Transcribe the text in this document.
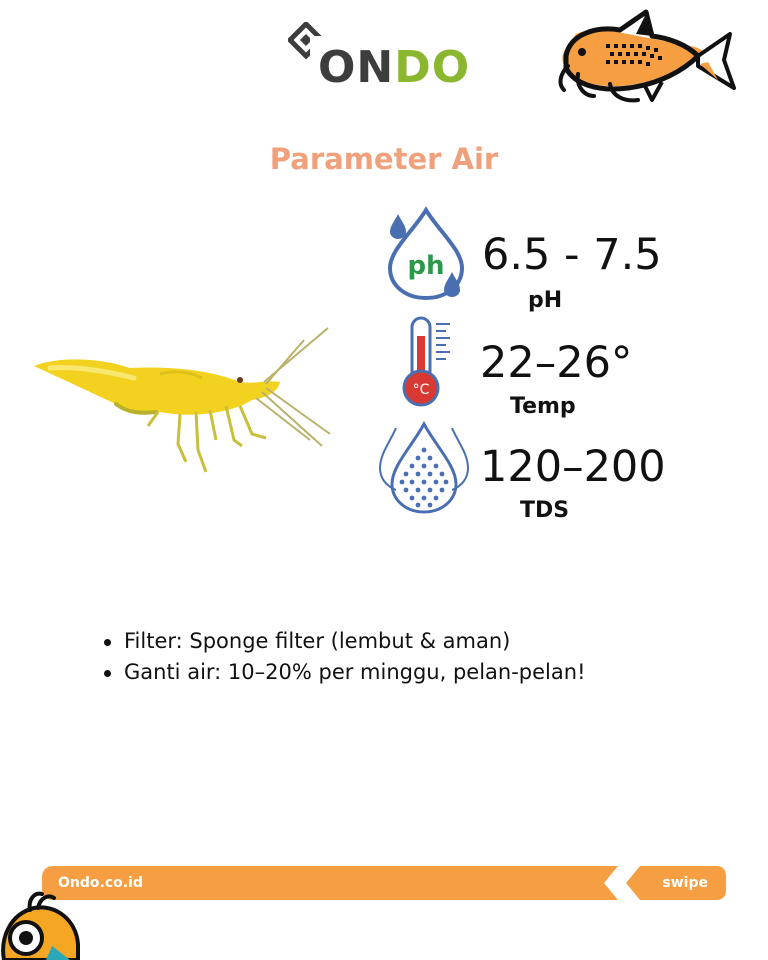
ONDO
Parameter Air
ph 6.5 - 7.5
pH
°C
22–26°
Temp
120–200
TDS
Filter: Sponge filter (lembut & aman)
Ganti air: 10–20% per minggu, pelan-pelan!
Ondo.co.id	swipe
